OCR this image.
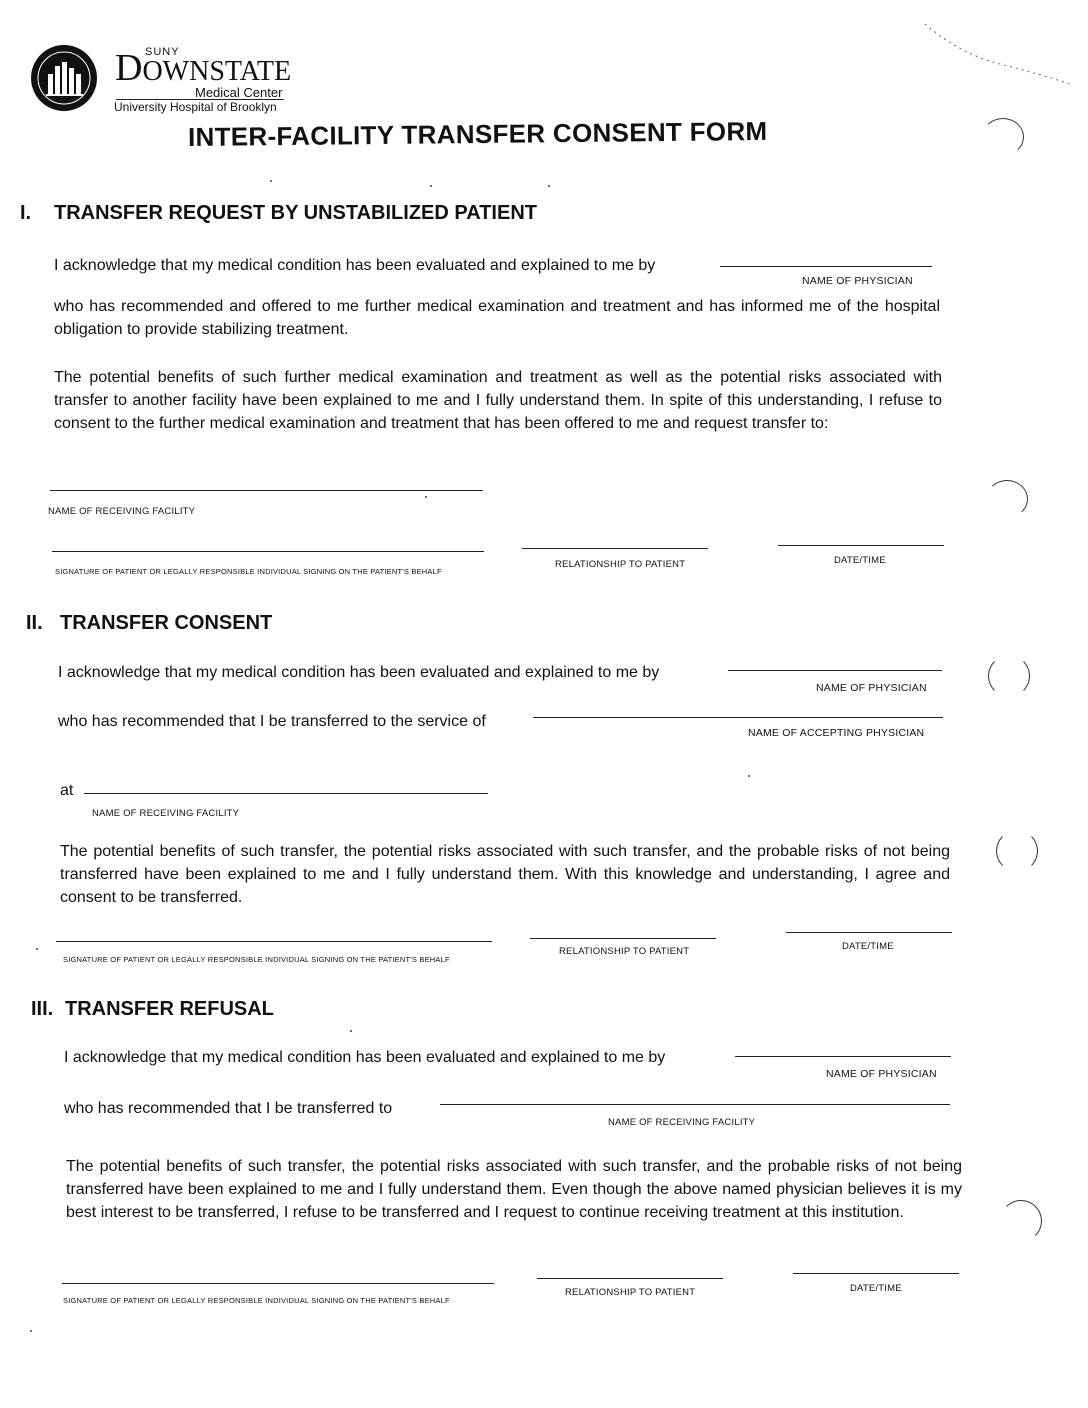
DOWNSTATE
SUNY
Medical Center
University Hospital of Brooklyn
INTER-FACILITY TRANSFER CONSENT FORM
I. TRANSFER REQUEST BY UNSTABILIZED PATIENT
I acknowledge that my medical condition has been evaluated and explained to me by
NAME OF PHYSICIAN
who has recommended and offered to me further medical examination and treatment and has informed me of the hospital obligation to provide stabilizing treatment.
The potential benefits of such further medical examination and treatment as well as the potential risks associated with transfer to another facility have been explained to me and I fully understand them. In spite of this understanding, I refuse to consent to the further medical examination and treatment that has been offered to me and request transfer to:
NAME OF RECEIVING FACILITY
SIGNATURE OF PATIENT OR LEGALLY RESPONSIBLE INDIVIDUAL SIGNING ON THE PATIENT'S BEHALF
RELATIONSHIP TO PATIENT	DATE/TIME
II. TRANSFER CONSENT
I acknowledge that my medical condition has been evaluated and explained to me by
NAME OF PHYSICIAN
who has recommended that I be transferred to the service of
NAME OF ACCEPTING PHYSICIAN
at
NAME OF RECEIVING FACILITY
The potential benefits of such transfer, the potential risks associated with such transfer, and the probable risks of not being transferred have been explained to me and I fully understand them. With this knowledge and understanding, I agree and consent to be transferred.
SIGNATURE OF PATIENT OR LEGALLY RESPONSIBLE INDIVIDUAL SIGNING ON THE PATIENT'S BEHALF
RELATIONSHIP TO PATIENT	DATE/TIME
III. TRANSFER REFUSAL
I acknowledge that my medical condition has been evaluated and explained to me by
NAME OF PHYSICIAN
who has recommended that I be transferred to
NAME OF RECEIVING FACILITY
The potential benefits of such transfer, the potential risks associated with such transfer, and the probable risks of not being transferred have been explained to me and I fully understand them. Even though the above named physician believes it is my best interest to be transferred, I refuse to be transferred and I request to continue receiving treatment at this institution.
SIGNATURE OF PATIENT OR LEGALLY RESPONSIBLE INDIVIDUAL SIGNING ON THE PATIENT'S BEHALF
RELATIONSHIP TO PATIENT	DATE/TIME
